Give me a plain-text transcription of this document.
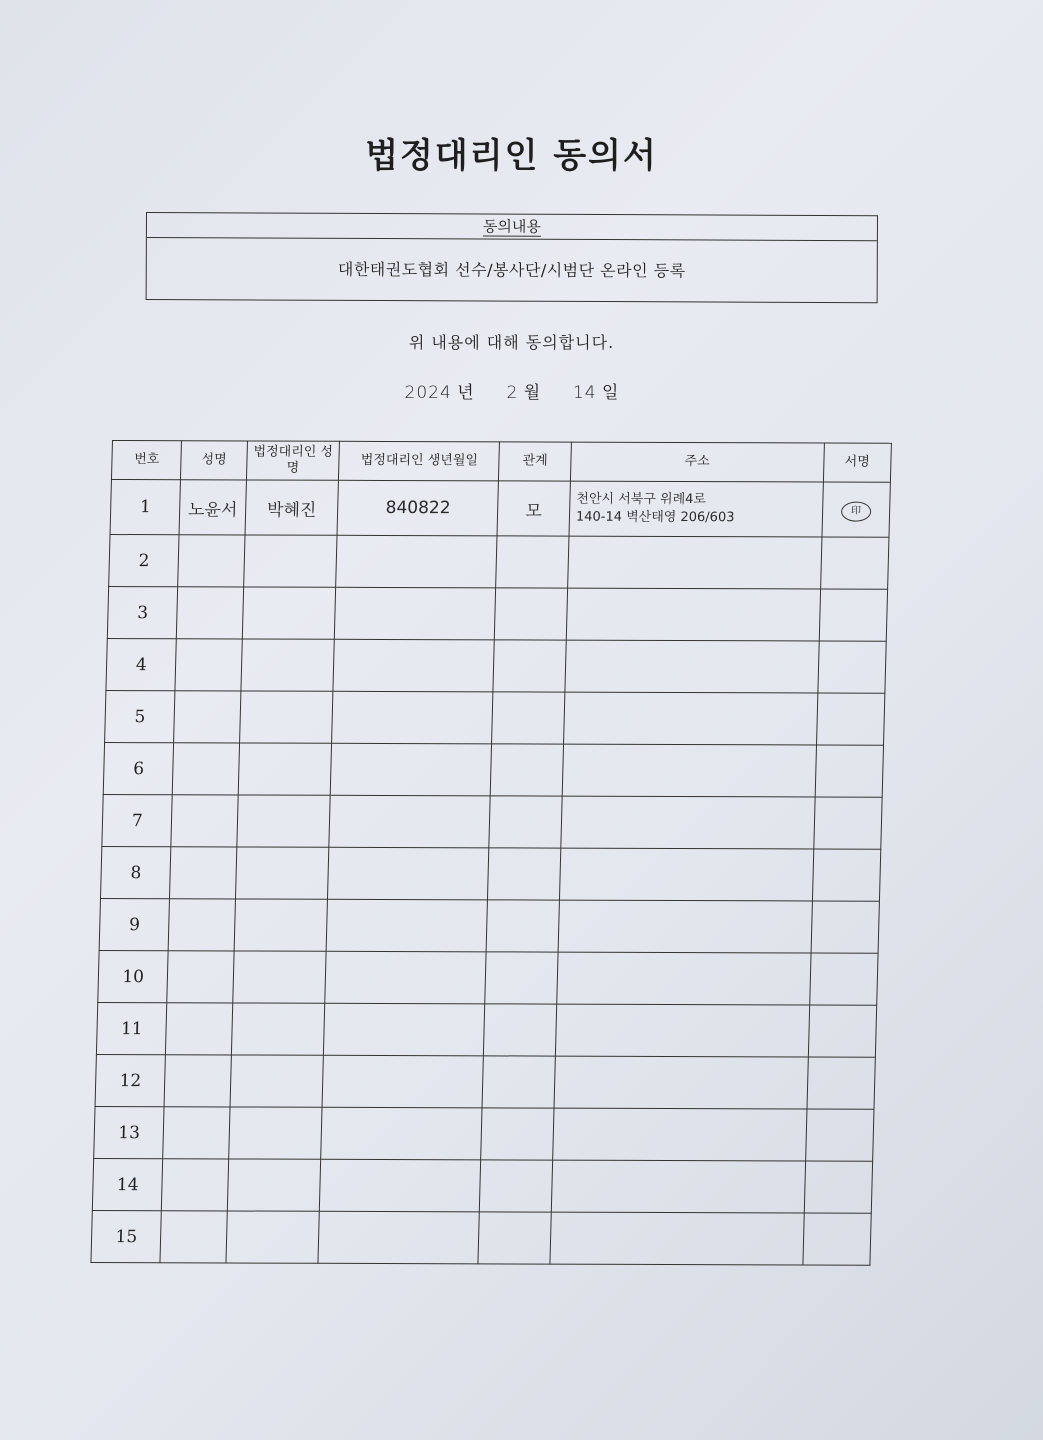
법정대리인 동의서
동의내용
대한태권도협회 선수/봉사단/시범단 온라인 등록
위 내용에 대해 동의합니다.
2024 년 2 월 14 일
번호	성명	법정대리인 성명	법정대리인 생년월일	관계	주소	서명
1	노윤서	박혜진	840822	모	천안시 서북구 위례4로
140-14 벽산태영 206/603	印
2					

3					

4					

5					

6					

7					

8					

9					

10					

11					

12					

13					

14					

15					
